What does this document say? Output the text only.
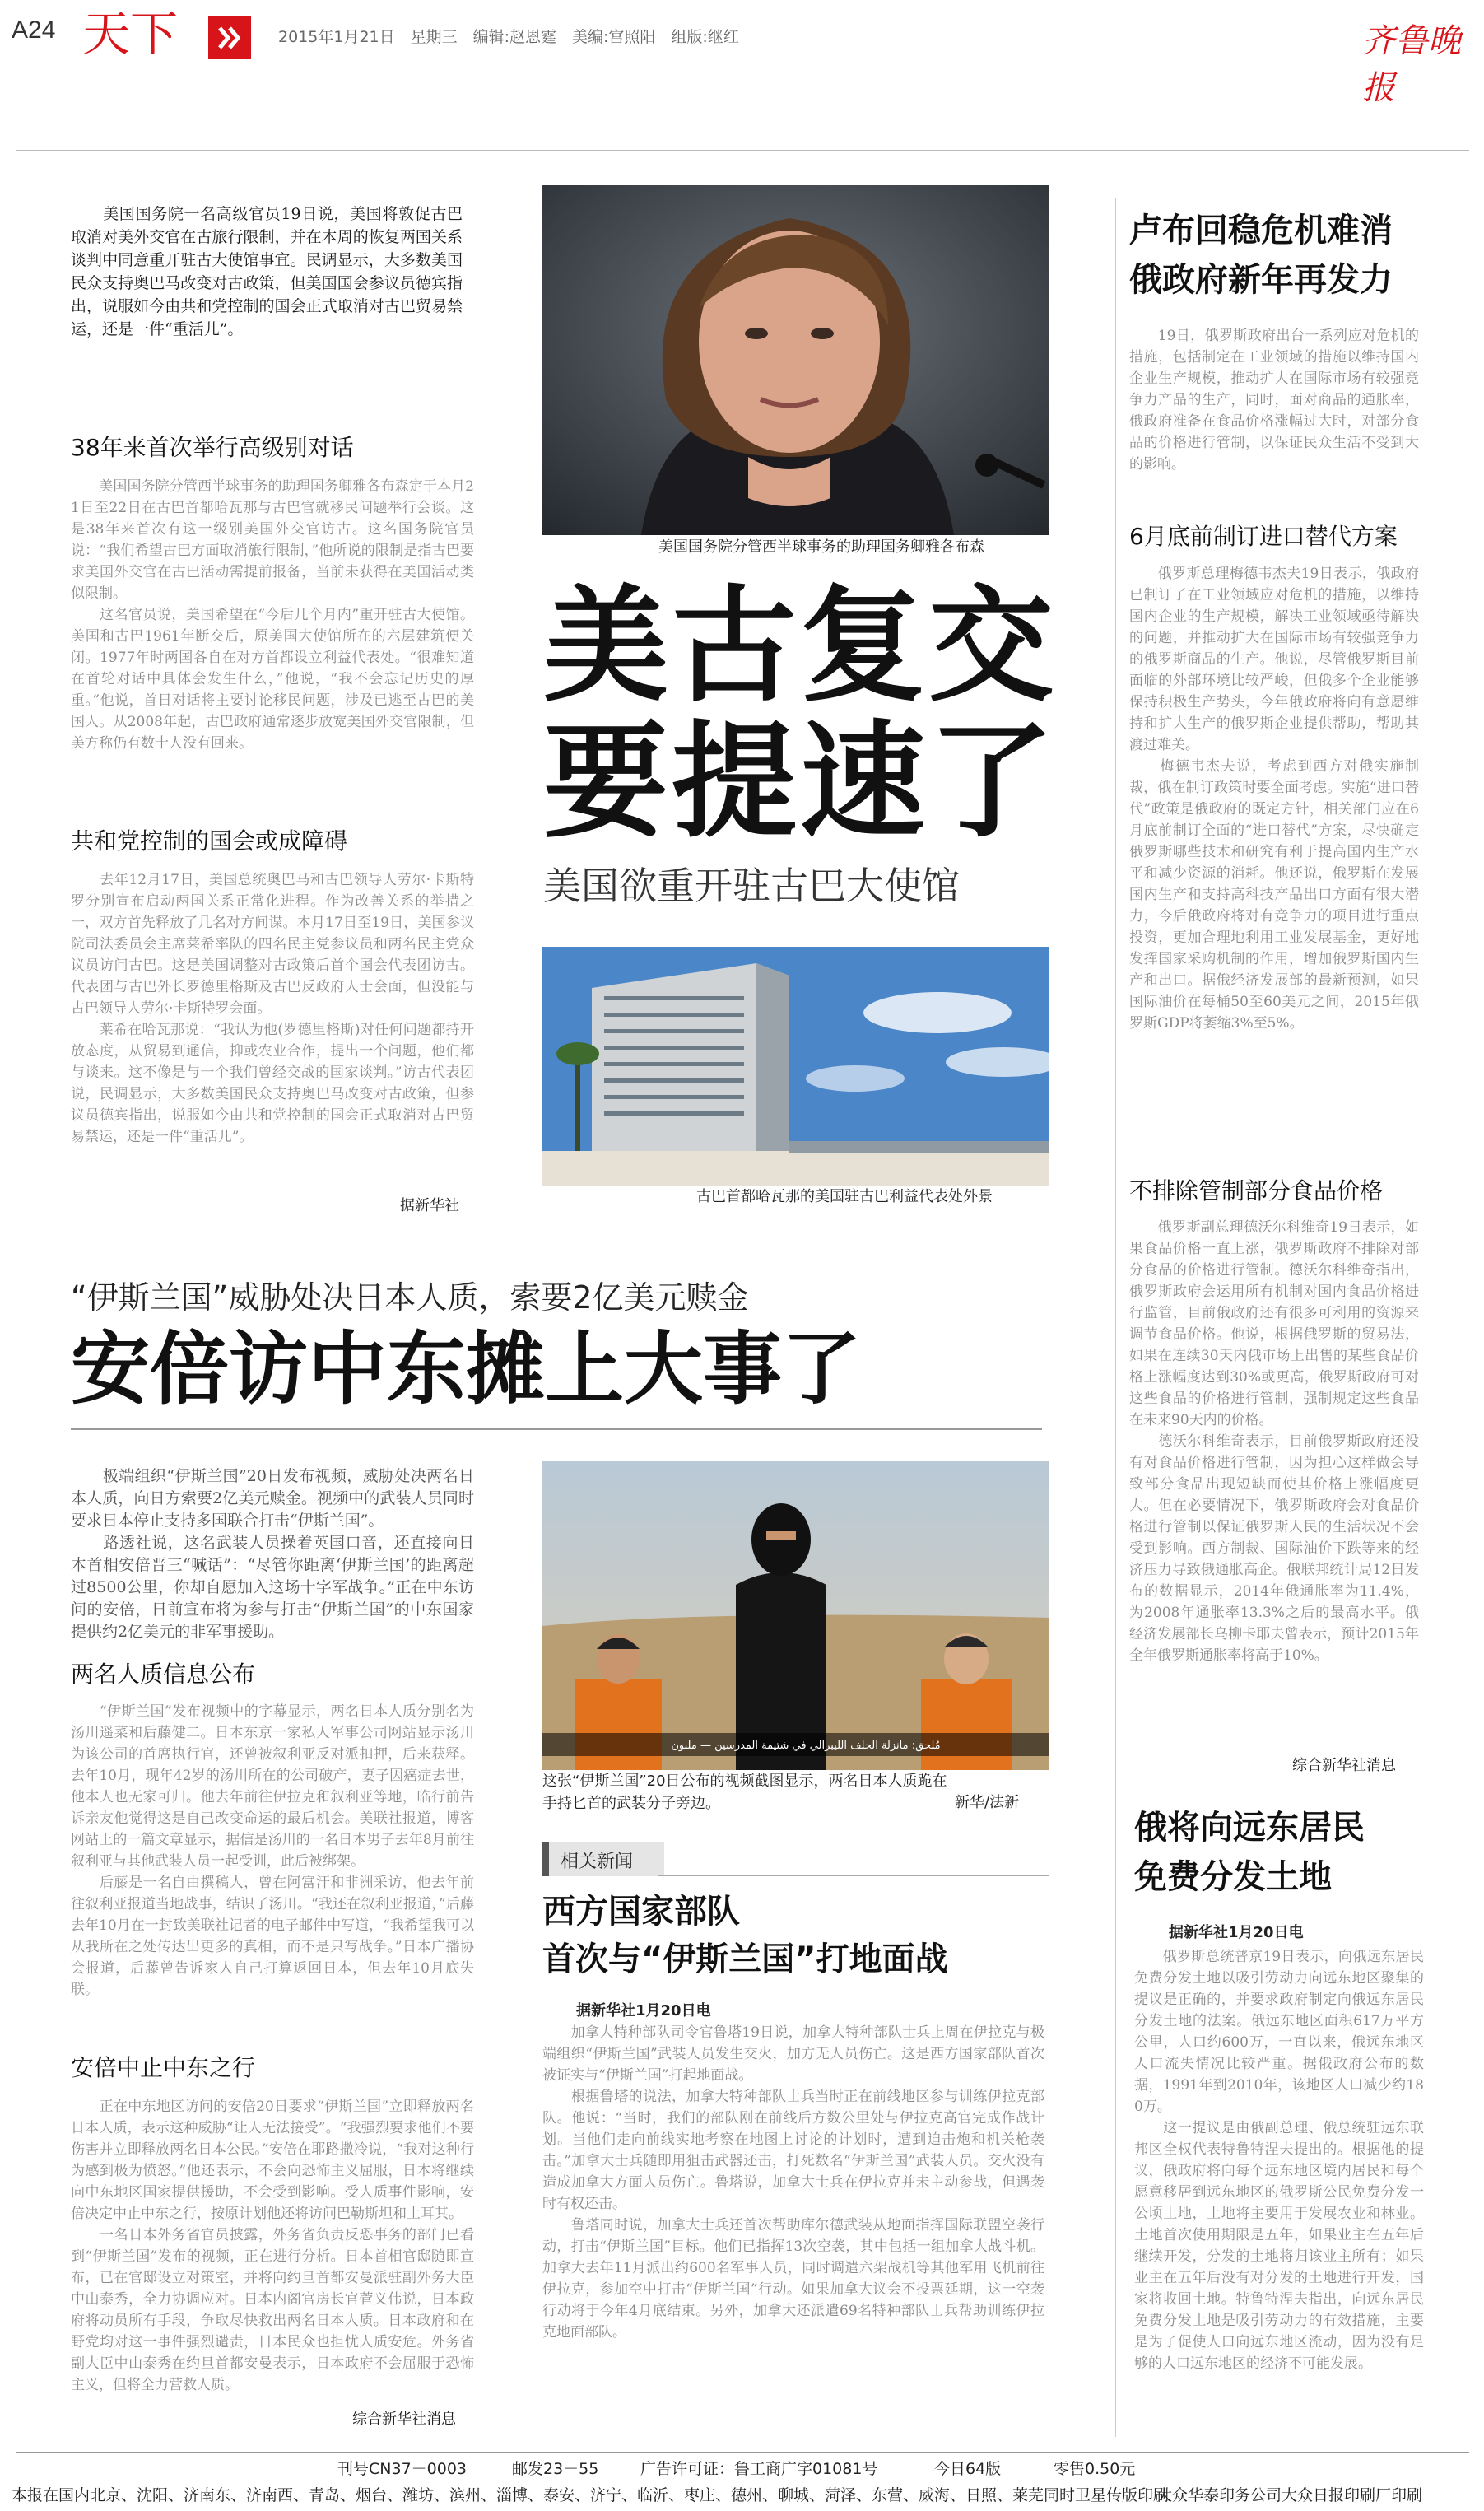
A24 天下	2015年1月21日　星期三　编辑:赵恩霆　美编:宫照阳　组版:继红	齐鲁晚报
　　美国国务院一名高级官员19日说，美国将敦促古巴取消对美外交官在古旅行限制，并在本周的恢复两国关系谈判中同意重开驻古大使馆事宜。民调显示，大多数美国民众支持奥巴马改变对古政策，但美国国会参议员德宾指出，说服如今由共和党控制的国会正式取消对古巴贸易禁运，还是一件“重活儿”。
38年来首次举行高级别对话
　　美国国务院分管西半球事务的助理国务卿雅各布森定于本月21日至22日在古巴首都哈瓦那与古巴官就移民问题举行会谈。这是38年来首次有这一级别美国外交官访古。这名国务院官员说：“我们希望古巴方面取消旅行限制，”他所说的限制是指古巴要求美国外交官在古巴活动需提前报备，当前未获得在美国活动类似限制。
　　这名官员说，美国希望在“今后几个月内”重开驻古大使馆。美国和古巴1961年断交后，原美国大使馆所在的六层建筑便关闭。1977年时两国各自在对方首都设立利益代表处。“很难知道在首轮对话中具体会发生什么，”他说，“我不会忘记历史的厚重。”他说，首日对话将主要讨论移民问题，涉及已逃至古巴的美国人。从2008年起，古巴政府通常逐步放宽美国外交官限制，但美方称仍有数十人没有回来。
共和党控制的国会或成障碍
　　去年12月17日，美国总统奥巴马和古巴领导人劳尔·卡斯特罗分别宣布启动两国关系正常化进程。作为改善关系的举措之一，双方首先释放了几名对方间谍。本月17日至19日，美国参议院司法委员会主席莱希率队的四名民主党参议员和两名民主党众议员访问古巴。这是美国调整对古政策后首个国会代表团访古。代表团与古巴外长罗德里格斯及古巴反政府人士会面，但没能与古巴领导人劳尔·卡斯特罗会面。
　　莱希在哈瓦那说：“我认为他(罗德里格斯)对任何问题都持开放态度，从贸易到通信，抑或农业合作，提出一个问题，他们都与谈来。这不像是与一个我们曾经交战的国家谈判。”访古代表团说，民调显示，大多数美国民众支持奥巴马改变对古政策，但参议员德宾指出，说服如今由共和党控制的国会正式取消对古巴贸易禁运，还是一件“重活儿”。
据新华社
美国国务院分管西半球事务的助理国务卿雅各布森
美古复交
要提速了
美国欲重开驻古巴大使馆
古巴首都哈瓦那的美国驻古巴利益代表处外景
卢布回稳危机难消
俄政府新年再发力
　　19日，俄罗斯政府出台一系列应对危机的措施，包括制定在工业领域的措施以维持国内企业生产规模，推动扩大在国际市场有较强竞争力产品的生产，同时，面对商品的通胀率，俄政府准备在食品价格涨幅过大时，对部分食品的价格进行管制，以保证民众生活不受到大的影响。
6月底前制订进口替代方案
　　俄罗斯总理梅德韦杰夫19日表示，俄政府已制订了在工业领域应对危机的措施，以维持国内企业的生产规模，解决工业领域亟待解决的问题，并推动扩大在国际市场有较强竞争力的俄罗斯商品的生产。他说，尽管俄罗斯目前面临的外部环境比较严峻，但俄多个企业能够保持积极生产势头，今年俄政府将向有意愿维持和扩大生产的俄罗斯企业提供帮助，帮助其渡过难关。
　　梅德韦杰夫说，考虑到西方对俄实施制裁，俄在制订政策时要全面考虑。实施“进口替代”政策是俄政府的既定方针，相关部门应在6月底前制订全面的“进口替代”方案，尽快确定俄罗斯哪些技术和研究有利于提高国内生产水平和减少资源的消耗。他还说，俄罗斯在发展国内生产和支持高科技产品出口方面有很大潜力，今后俄政府将对有竞争力的项目进行重点投资，更加合理地利用工业发展基金，更好地发挥国家采购机制的作用，增加俄罗斯国内生产和出口。据俄经济发展部的最新预测，如果国际油价在每桶50至60美元之间，2015年俄罗斯GDP将萎缩3%至5%。
不排除管制部分食品价格
　　俄罗斯副总理德沃尔科维奇19日表示，如果食品价格一直上涨，俄罗斯政府不排除对部分食品的价格进行管制。德沃尔科维奇指出，俄罗斯政府会运用所有机制对国内食品价格进行监管，目前俄政府还有很多可利用的资源来调节食品价格。他说，根据俄罗斯的贸易法，如果在连续30天内俄市场上出售的某些食品价格上涨幅度达到30%或更高，俄罗斯政府可对这些食品的价格进行管制，强制规定这些食品在未来90天内的价格。
　　德沃尔科维奇表示，目前俄罗斯政府还没有对食品价格进行管制，因为担心这样做会导致部分食品出现短缺而使其价格上涨幅度更大。但在必要情况下，俄罗斯政府会对食品价格进行管制以保证俄罗斯人民的生活状况不会受到影响。西方制裁、国际油价下跌等来的经济压力导致俄通胀高企。俄联邦统计局12日发布的数据显示，2014年俄通胀率为11.4%，为2008年通胀率13.3%之后的最高水平。俄经济发展部长乌柳卡耶夫曾表示，预计2015年全年俄罗斯通胀率将高于10%。
综合新华社消息
俄将向远东居民
免费分发土地
据新华社1月20日电
　　俄罗斯总统普京19日表示，向俄远东居民免费分发土地以吸引劳动力向远东地区聚集的提议是正确的，并要求政府制定向俄远东居民分发土地的法案。俄远东地区面积617万平方公里，人口约600万，一直以来，俄远东地区人口流失情况比较严重。据俄政府公布的数据，1991年到2010年，该地区人口减少约180万。
　　这一提议是由俄副总理、俄总统驻远东联邦区全权代表特鲁特涅夫提出的。根据他的提议，俄政府将向每个远东地区境内居民和每个愿意移居到远东地区的俄罗斯公民免费分发一公顷土地，土地将主要用于发展农业和林业。土地首次使用期限是五年，如果业主在五年后继续开发，分发的土地将归该业主所有；如果业主在五年后没有对分发的土地进行开发，国家将收回土地。特鲁特涅夫指出，向远东居民免费分发土地是吸引劳动力的有效措施，主要是为了促使人口向远东地区流动，因为没有足够的人口远东地区的经济不可能发展。
“伊斯兰国”威胁处决日本人质，索要2亿美元赎金
安倍访中东摊上大事了
　　极端组织“伊斯兰国”20日发布视频，威胁处决两名日本人质，向日方索要2亿美元赎金。视频中的武装人员同时要求日本停止支持多国联合打击“伊斯兰国”。
　　路透社说，这名武装人员操着英国口音，还直接向日本首相安倍晋三“喊话”：“尽管你距离‘伊斯兰国’的距离超过8500公里，你却自愿加入这场十字军战争。”正在中东访问的安倍，日前宣布将为参与打击“伊斯兰国”的中东国家提供约2亿美元的非军事援助。
两名人质信息公布
　　“伊斯兰国”发布视频中的字幕显示，两名日本人质分别名为汤川遥菜和后藤健二。日本东京一家私人军事公司网站显示汤川为该公司的首席执行官，还曾被叙利亚反对派扣押，后来获释。去年10月，现年42岁的汤川所在的公司破产，妻子因癌症去世，他本人也无家可归。他去年前往伊拉克和叙利亚等地，临行前告诉亲友他觉得这是自己改变命运的最后机会。美联社报道，博客网站上的一篇文章显示，据信是汤川的一名日本男子去年8月前往叙利亚与其他武装人员一起受训，此后被绑架。
　　后藤是一名自由撰稿人，曾在阿富汗和非洲采访，他去年前往叙利亚报道当地战事，结识了汤川。“我还在叙利亚报道，”后藤去年10月在一封致美联社记者的电子邮件中写道，“我希望我可以从我所在之处传达出更多的真相，而不是只写战争。”日本广播协会报道，后藤曾告诉家人自己打算返回日本，但去年10月底失联。
安倍中止中东之行
　　正在中东地区访问的安倍20日要求“伊斯兰国”立即释放两名日本人质，表示这种威胁“让人无法接受”。“我强烈要求他们不要伤害并立即释放两名日本公民。”安倍在耶路撒冷说，“我对这种行为感到极为愤怒。”他还表示，不会向恐怖主义屈服，日本将继续向中东地区国家提供援助，不会受到影响。受人质事件影响，安倍决定中止中东之行，按原计划他还将访问巴勒斯坦和土耳其。
　　一名日本外务省官员披露，外务省负责反恐事务的部门已看到“伊斯兰国”发布的视频，正在进行分析。日本首相官邸随即宣布，已在官邸设立对策室，并将向约旦首都安曼派驻副外务大臣中山泰秀，全力协调应对。日本内阁官房长官菅义伟说，日本政府将动员所有手段，争取尽快救出两名日本人质。日本政府和在野党均对这一事件强烈谴责，日本民众也担忧人质安危。外务省副大臣中山泰秀在约旦首都安曼表示，日本政府不会屈服于恐怖主义，但将全力营救人质。
综合新华社消息
مُلحق: مانزلة الحلف الليبرالي في شتيمة المدرسين — ملبون
这张“伊斯兰国”20日公布的视频截图显示，两名日本人质跪在手持匕首的武装分子旁边。	新华/法新
相关新闻
西方国家部队
首次与“伊斯兰国”打地面战
据新华社1月20日电
　　加拿大特种部队司令官鲁塔19日说，加拿大特种部队士兵上周在伊拉克与极端组织“伊斯兰国”武装人员发生交火，加方无人员伤亡。这是西方国家部队首次被证实与“伊斯兰国”打起地面战。
　　根据鲁塔的说法，加拿大特种部队士兵当时正在前线地区参与训练伊拉克部队。他说：“当时，我们的部队刚在前线后方数公里处与伊拉克高官完成作战计划。当他们走向前线实地考察在地图上讨论的计划时，遭到迫击炮和机关枪袭击。”加拿大士兵随即用狙击武器还击，打死数名“伊斯兰国”武装人员。交火没有造成加拿大方面人员伤亡。鲁塔说，加拿大士兵在伊拉克并未主动参战，但遇袭时有权还击。
　　鲁塔同时说，加拿大士兵还首次帮助库尔德武装从地面指挥国际联盟空袭行动，打击“伊斯兰国”目标。他们已指挥13次空袭，其中包括一组加拿大战斗机。加拿大去年11月派出约600名军事人员，同时调遣六架战机等其他军用飞机前往伊拉克，参加空中打击“伊斯兰国”行动。如果加拿大议会不投票延期，这一空袭行动将于今年4月底结束。另外，加拿大还派遣69名特种部队士兵帮助训练伊拉克地面部队。
刊号CN37－0003	邮发23－55	广告许可证：鲁工商广字01081号	今日64版	零售0.50元
本报在国内北京、沈阳、济南东、济南西、青岛、烟台、潍坊、滨州、淄博、泰安、济宁、临沂、枣庄、德州、聊城、菏泽、东营、威海、日照、莱芜同时卫星传版印刷
大众华泰印务公司大众日报印刷厂印刷
